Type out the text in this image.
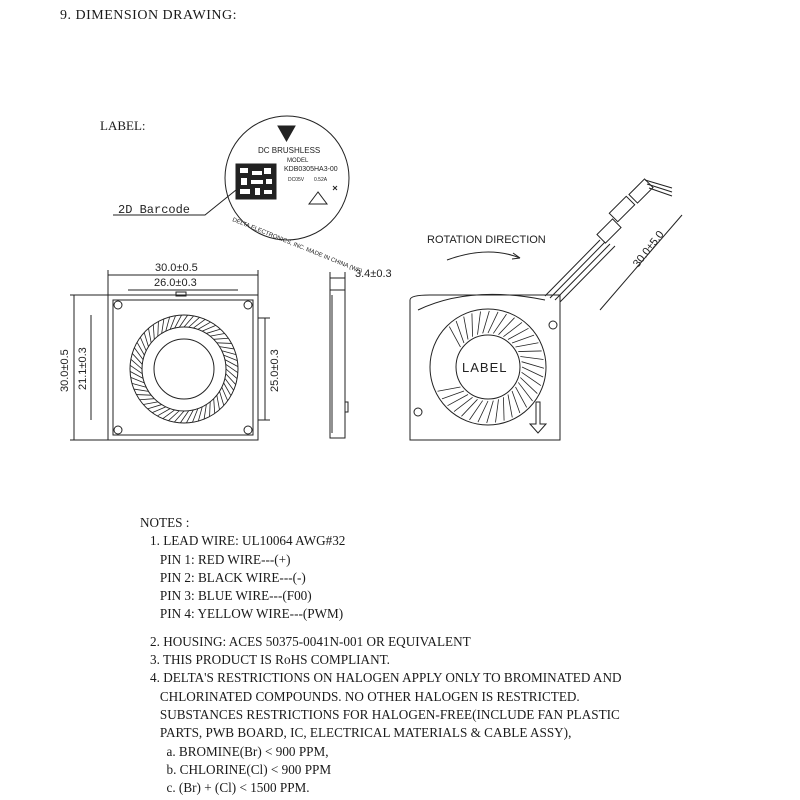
9. DIMENSION DRAWING:
LABEL:
DC BRUSHLESS
MODEL
KDB0305HA3-00
DC05V 0.52A
DELTA ELECTRONICS, INC. MADE IN CHINA (WF)
2D Barcode
30.0±0.5
26.0±0.3
30.0±0.5 21.1±0.3	25.0±0.3
3.4±0.3
ROTATION DIRECTION
LABEL
30.0±5.0
NOTES :
1. LEAD WIRE: UL10064 AWG#32
PIN 1: RED WIRE---(+)
PIN 2: BLACK WIRE---(-)
PIN 3: BLUE WIRE---(F00)
PIN 4: YELLOW WIRE---(PWM)
2. HOUSING: ACES 50375-0041N-001 OR EQUIVALENT
3. THIS PRODUCT IS RoHS COMPLIANT.
4. DELTA'S RESTRICTIONS ON HALOGEN APPLY ONLY TO BROMINATED AND
CHLORINATED COMPOUNDS. NO OTHER HALOGEN IS RESTRICTED.
SUBSTANCES RESTRICTIONS FOR HALOGEN-FREE(INCLUDE FAN PLASTIC
PARTS, PWB BOARD, IC, ELECTRICAL MATERIALS & CABLE ASSY),
a. BROMINE(Br) < 900 PPM,
b. CHLORINE(Cl) < 900 PPM
c. (Br) + (Cl) < 1500 PPM.
